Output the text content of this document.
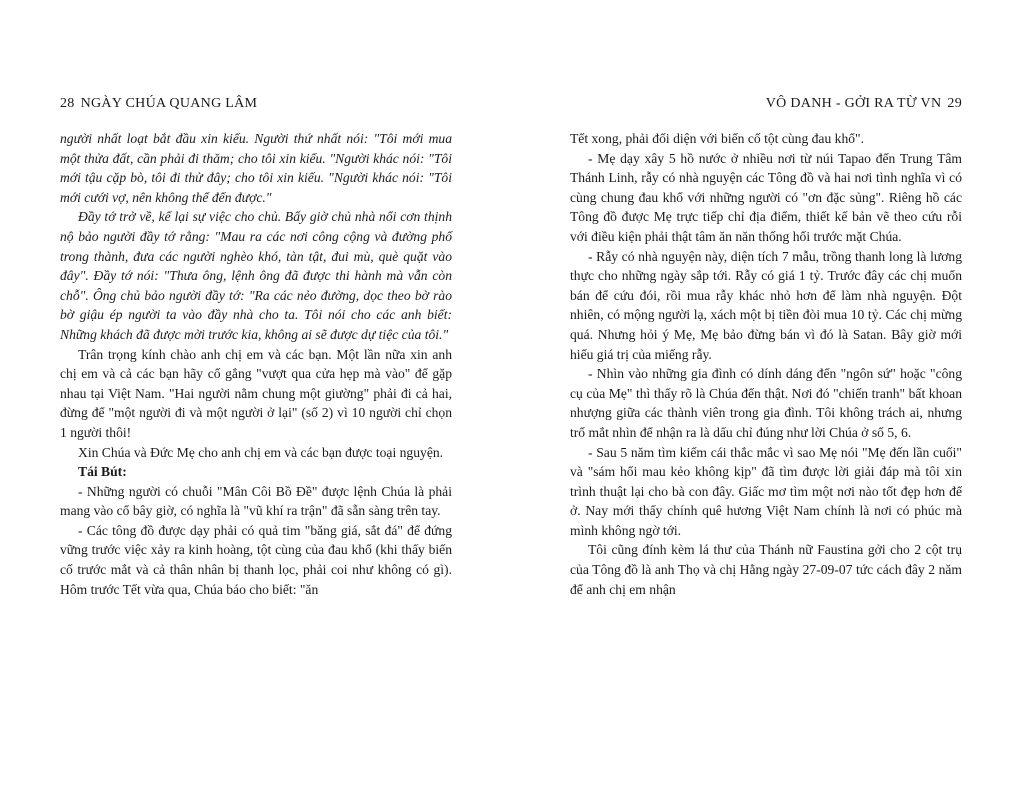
28 NGÀY CHÚA QUANG LÂM

người nhất loạt bắt đầu xin kiếu. Người thứ nhất nói: "Tôi mới mua một thửa đất, cần phải đi thăm; cho tôi xin kiếu. "Người khác nói: "Tôi mới tậu cặp bò, tôi đi thử đây; cho tôi xin kiếu. "Người khác nói: "Tôi mới cưới vợ, nên không thể đến được."

Đầy tớ trở về, kể lại sự việc cho chủ. Bấy giờ chủ nhà nổi cơn thịnh nộ bảo người đầy tớ rằng: "Mau ra các nơi công cộng và đường phố trong thành, đưa các người nghèo khó, tàn tật, đui mù, què quặt vào đây". Đầy tớ nói: "Thưa ông, lệnh ông đã được thi hành mà vẫn còn chỗ". Ông chủ bảo người đầy tớ: "Ra các nẻo đường, dọc theo bờ rào bờ giậu ép người ta vào đầy nhà cho ta. Tôi nói cho các anh biết: Những khách đã được mời trước kia, không ai sẽ được dự tiệc của tôi."

Trân trọng kính chào anh chị em và các bạn. Một lần nữa xin anh chị em và cả các bạn hãy cố gắng "vượt qua cửa hẹp mà vào" để gặp nhau tại Việt Nam. "Hai người nằm chung một giường" phải đi cả hai, đừng để "một người đi và một người ở lại" (số 2) vì 10 người chỉ chọn 1 người thôi!

Xin Chúa và Đức Mẹ cho anh chị em và các bạn được toại nguyện.

Tái Bút:

- Những người có chuỗi "Mân Côi Bồ Đề" được lệnh Chúa là phải mang vào cổ bây giờ, có nghĩa là "vũ khí ra trận" đã sẵn sàng trên tay.

- Các tông đồ được dạy phải có quả tim "băng giá, sắt đá" để đứng vững trước việc xảy ra kinh hoàng, tột cùng của đau khổ (khi thấy biến cố trước mắt và cả thân nhân bị thanh lọc, phải coi như không có gì). Hôm trước Tết vừa qua, Chúa báo cho biết: "ăn

VÔ DANH - GỞI RA TỪ VN 29

Tết xong, phải đối diện với biến cố tột cùng đau khổ".

- Mẹ dạy xây 5 hồ nước ở nhiều nơi từ núi Tapao đến Trung Tâm Thánh Linh, rẫy có nhà nguyện các Tông đồ và hai nơi tình nghĩa vì có cùng chung đau khổ với những người có "ơn đặc sủng". Riêng hồ các Tông đồ được Mẹ trực tiếp chỉ địa điểm, thiết kế bản vẽ theo cứu rỗi với điều kiện phải thật tâm ăn năn thống hối trước mặt Chúa.

- Rẫy có nhà nguyện này, diện tích 7 mẫu, trồng thanh long là lương thực cho những ngày sắp tới. Rẫy có giá 1 tỷ. Trước đây các chị muốn bán để cứu đói, rồi mua rẫy khác nhỏ hơn để làm nhà nguyện. Đột nhiên, có mộng người lạ, xách một bị tiền đòi mua 10 tỷ. Các chị mừng quá. Nhưng hỏi ý Mẹ, Mẹ bảo đừng bán vì đó là Satan. Bây giờ mới hiểu giá trị của miếng rẫy.

- Nhìn vào những gia đình có dính dáng đến "ngôn sứ" hoặc "công cụ của Mẹ" thì thấy rõ là Chúa đến thật. Nơi đó "chiến tranh" bất khoan nhượng giữa các thành viên trong gia đình. Tôi không trách ai, nhưng trố mắt nhìn để nhận ra là dấu chỉ đúng như lời Chúa ở số 5, 6.

- Sau 5 năm tìm kiếm cái thắc mắc vì sao Mẹ nói "Mẹ đến lần cuối" và "sám hối mau kẻo không kịp" đã tìm được lời giải đáp mà tôi xin trình thuật lại cho bà con đây. Giấc mơ tìm một nơi nào tốt đẹp hơn để ở. Nay mới thấy chính quê hương Việt Nam chính là nơi có phúc mà mình không ngờ tới.

Tôi cũng đính kèm lá thư của Thánh nữ Faustina gởi cho 2 cột trụ của Tông đồ là anh Thọ và chị Hằng ngày 27-09-07 tức cách đây 2 năm để anh chị em nhận
